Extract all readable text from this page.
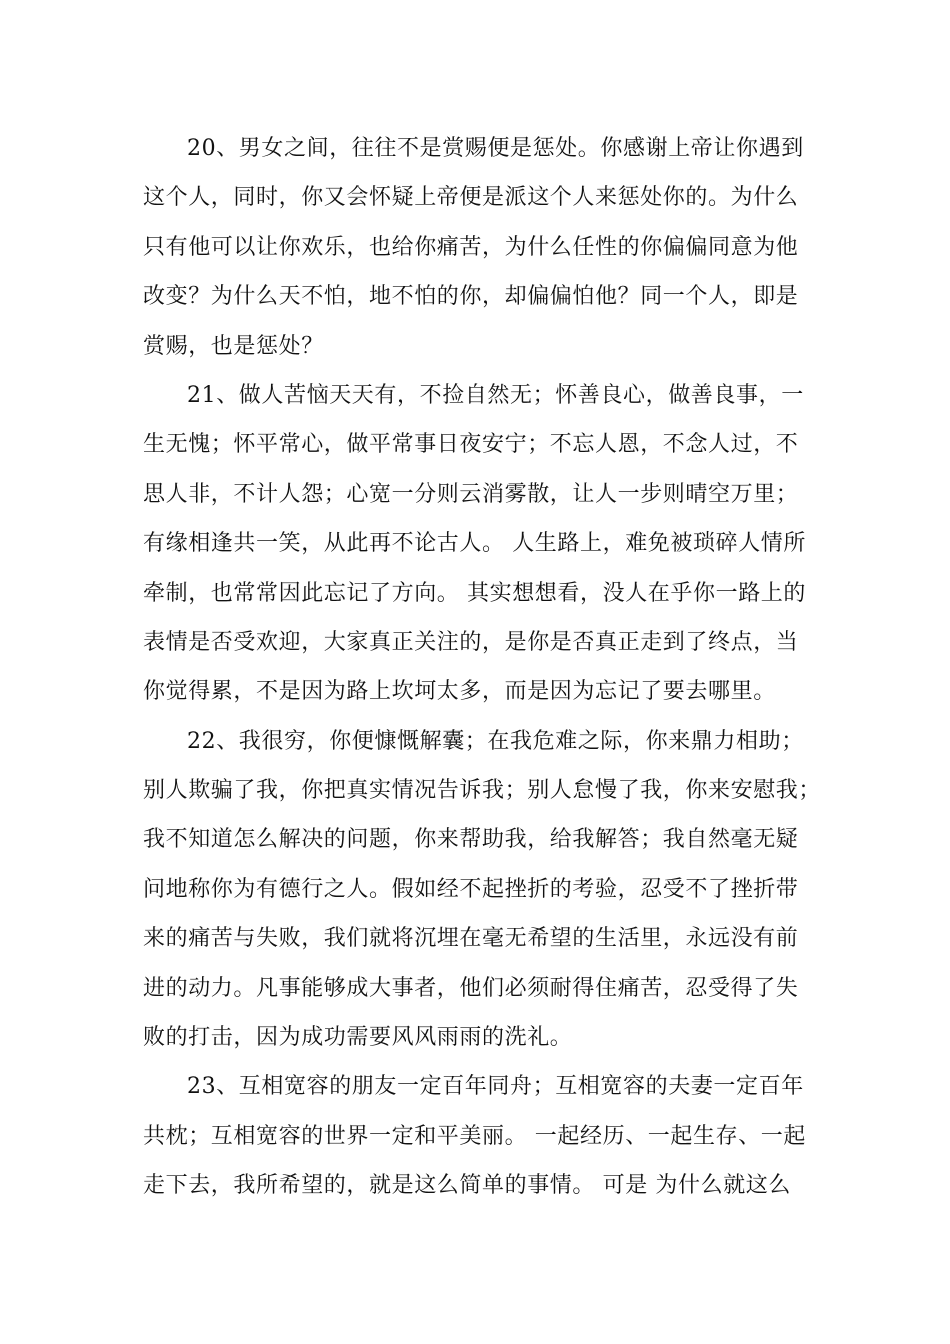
20、男女之间，往往不是赏赐便是惩处。你感谢上帝让你遇到
这个人，同时，你又会怀疑上帝便是派这个人来惩处你的。为什么
只有他可以让你欢乐，也给你痛苦，为什么任性的你偏偏同意为他
改变？为什么天不怕，地不怕的你，却偏偏怕他？同一个人，即是
赏赐，也是惩处？
21、做人苦恼天天有，不捡自然无；怀善良心，做善良事，一
生无愧；怀平常心，做平常事日夜安宁；不忘人恩，不念人过，不
思人非，不计人怨；心宽一分则云消雾散，让人一步则晴空万里；
有缘相逢共一笑，从此再不论古人。 人生路上，难免被琐碎人情所
牵制，也常常因此忘记了方向。 其实想想看，没人在乎你一路上的
表情是否受欢迎，大家真正关注的，是你是否真正走到了终点，当
你觉得累，不是因为路上坎坷太多，而是因为忘记了要去哪里。
22、我很穷，你便慷慨解囊；在我危难之际，你来鼎力相助；
别人欺骗了我，你把真实情况告诉我；别人怠慢了我，你来安慰我；
我不知道怎么解决的问题，你来帮助我，给我解答；我自然毫无疑
问地称你为有德行之人。假如经不起挫折的考验，忍受不了挫折带
来的痛苦与失败，我们就将沉埋在毫无希望的生活里，永远没有前
进的动力。凡事能够成大事者，他们必须耐得住痛苦，忍受得了失
败的打击，因为成功需要风风雨雨的洗礼。
23、互相宽容的朋友一定百年同舟；互相宽容的夫妻一定百年
共枕；互相宽容的世界一定和平美丽。 一起经历、一起生存、一起
走下去，我所希望的，就是这么简单的事情。 可是 为什么就这么
